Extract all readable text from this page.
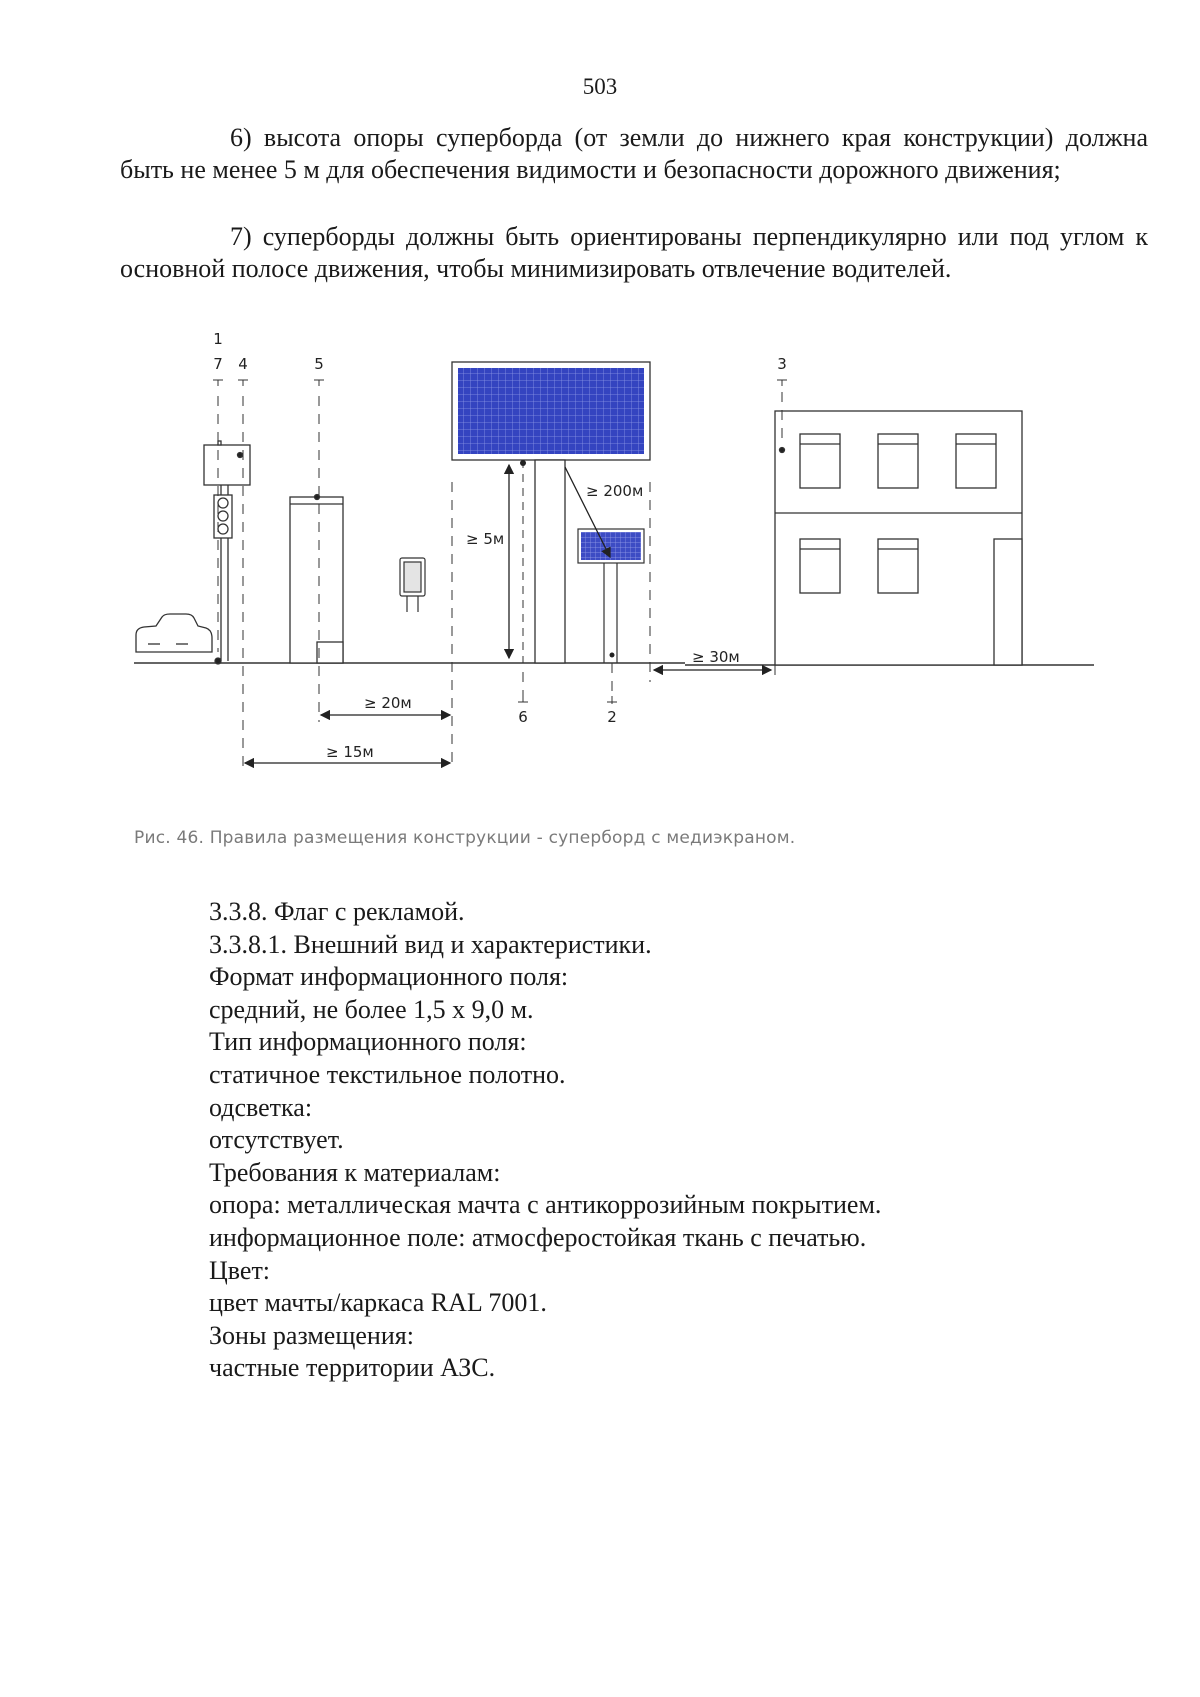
503

6) высота опоры суперборда (от земли до нижнего края конструкции) должна быть не менее 5 м для обеспечения видимости и безопасности дорожного движения;

7) суперборды должны быть ориентированы перпендикулярно или под углом к основной полосе движения, чтобы минимизировать отвлечение водителей.

1
7 4	5	3
6	2
≥ 5м
≥ 200м
≥ 30м
≥ 20м
≥ 15м
Рис. 46. Правила размещения конструкции - суперборд с медиэкраном.
3.3.8. Флаг с рекламой.
3.3.8.1. Внешний вид и характеристики.
Формат информационного поля:
средний, не более 1,5 х 9,0 м.
Тип информационного поля:
статичное текстильное полотно.
одсветка:
отсутствует.
Требования к материалам:
опора: металлическая мачта с антикоррозийным покрытием.
информационное поле: атмосферостойкая ткань с печатью.
Цвет:
цвет мачты/каркаса RAL 7001.
Зоны размещения:
частные территории АЗС.
